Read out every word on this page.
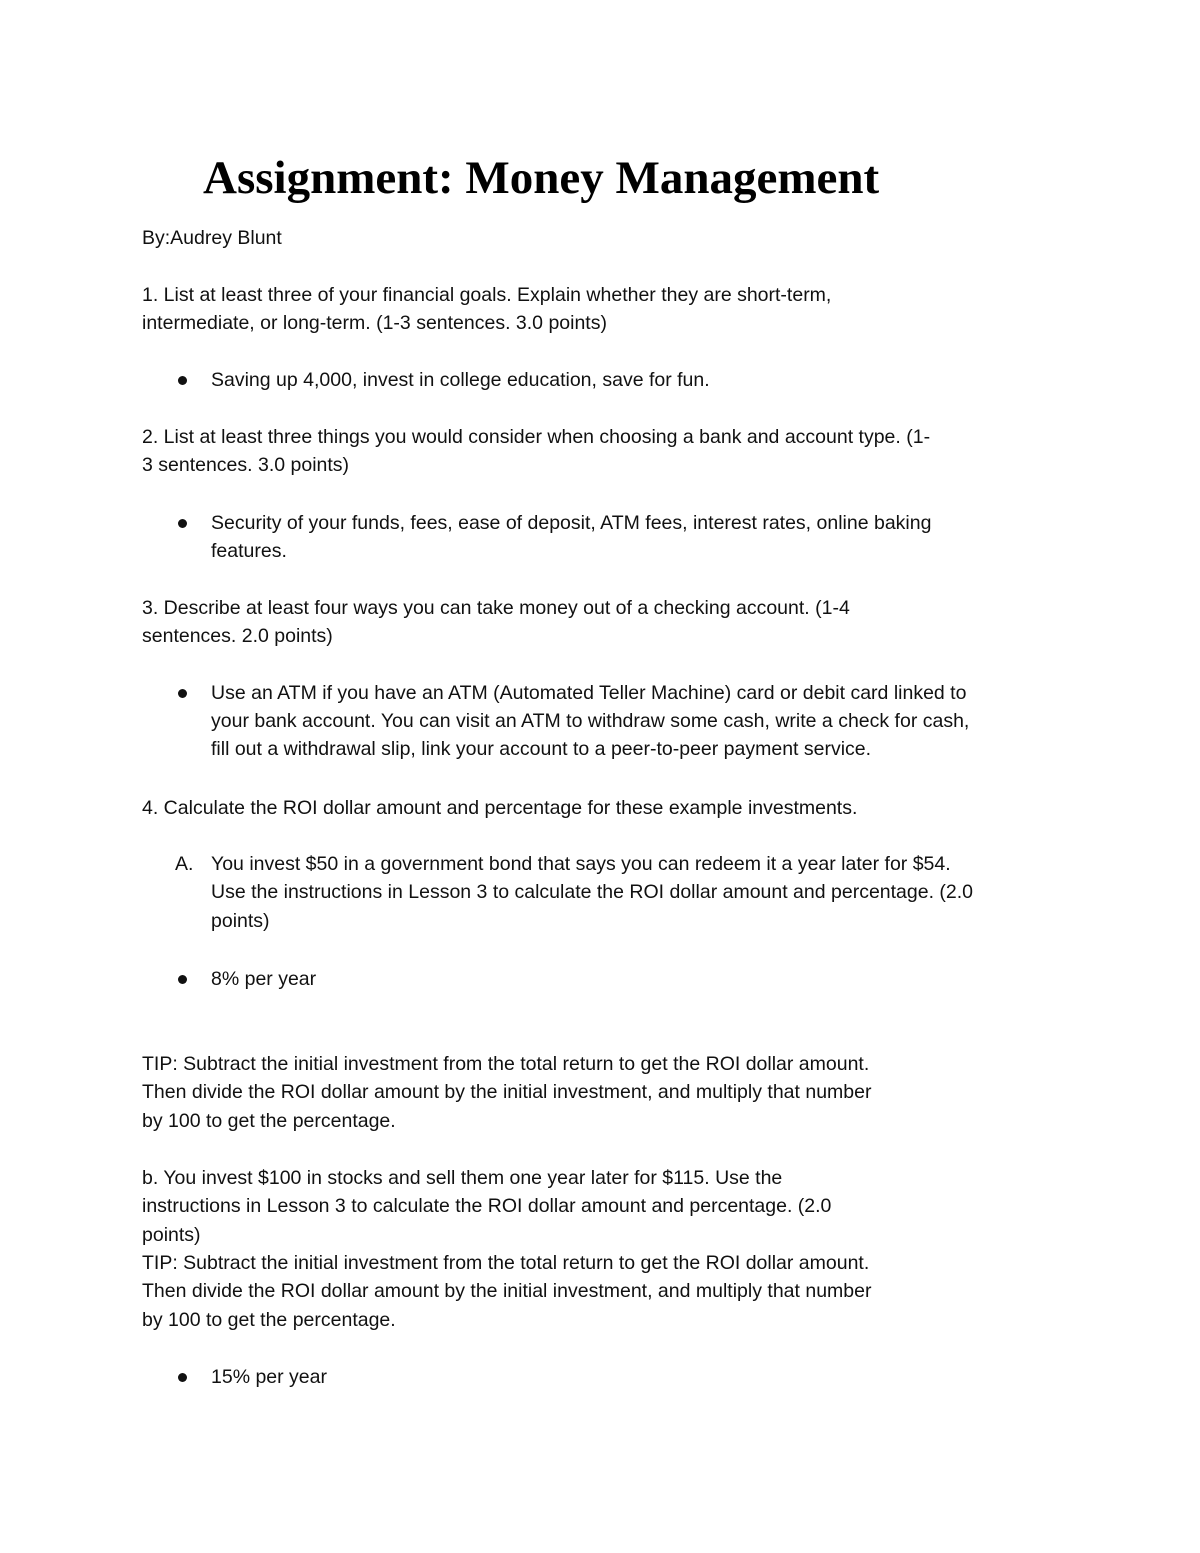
Assignment: Money Management

By:Audrey Blunt

1. List at least three of your financial goals. Explain whether they are short-term,

intermediate, or long-term. (1-3 sentences. 3.0 points)

Saving up 4,000, invest in college education, save for fun.

2. List at least three things you would consider when choosing a bank and account type. (1-

3 sentences. 3.0 points)

Security of your funds, fees, ease of deposit, ATM fees, interest rates, online baking

features.

3. Describe at least four ways you can take money out of a checking account. (1-4

sentences. 2.0 points)

Use an ATM if you have an ATM (Automated Teller Machine) card or debit card linked to

your bank account. You can visit an ATM to withdraw some cash, write a check for cash,

fill out a withdrawal slip, link your account to a peer-to-peer payment service.

4. Calculate the ROI dollar amount and percentage for these example investments.

A. You invest $50 in a government bond that says you can redeem it a year later for $54.

Use the instructions in Lesson 3 to calculate the ROI dollar amount and percentage. (2.0

points)

8% per year

TIP: Subtract the initial investment from the total return to get the ROI dollar amount.

Then divide the ROI dollar amount by the initial investment, and multiply that number

by 100 to get the percentage.

b. You invest $100 in stocks and sell them one year later for $115. Use the

instructions in Lesson 3 to calculate the ROI dollar amount and percentage. (2.0

points)

TIP: Subtract the initial investment from the total return to get the ROI dollar amount.

Then divide the ROI dollar amount by the initial investment, and multiply that number

by 100 to get the percentage.

15% per year
